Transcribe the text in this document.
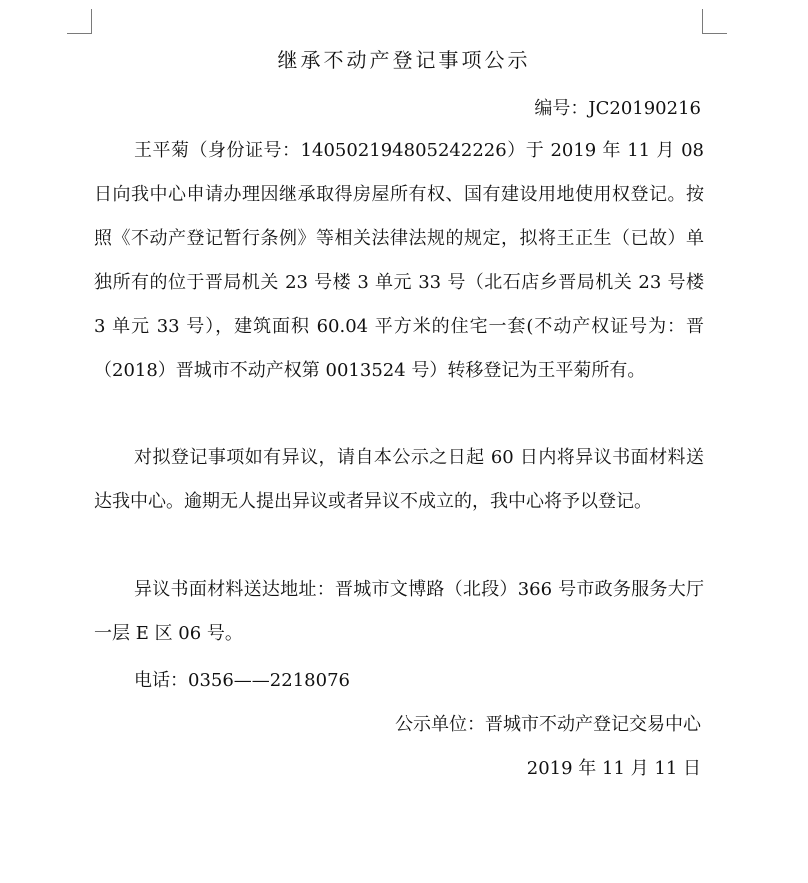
继承不动产登记事项公示
编号：JC20190216
王平菊（身份证号：140502194805242226）于 2019 年 11 月 08 日向我中心申请办理因继承取得房屋所有权、国有建设用地使用权登记。按照《不动产登记暂行条例》等相关法律法规的规定，拟将王正生（已故）单独所有的位于晋局机关 23 号楼 3 单元 33 号（北石店乡晋局机关 23 号楼 3 单元 33 号），建筑面积 60.04 平方米的住宅一套(不动产权证号为：晋（2018）晋城市不动产权第 0013524 号）转移登记为王平菊所有。
对拟登记事项如有异议，请自本公示之日起 60 日内将异议书面材料送达我中心。逾期无人提出异议或者异议不成立的，我中心将予以登记。
异议书面材料送达地址：晋城市文博路（北段）366 号市政务服务大厅一层 E 区 06 号。
电话：0356——2218076
公示单位：晋城市不动产登记交易中心
2019 年 11 月 11 日
